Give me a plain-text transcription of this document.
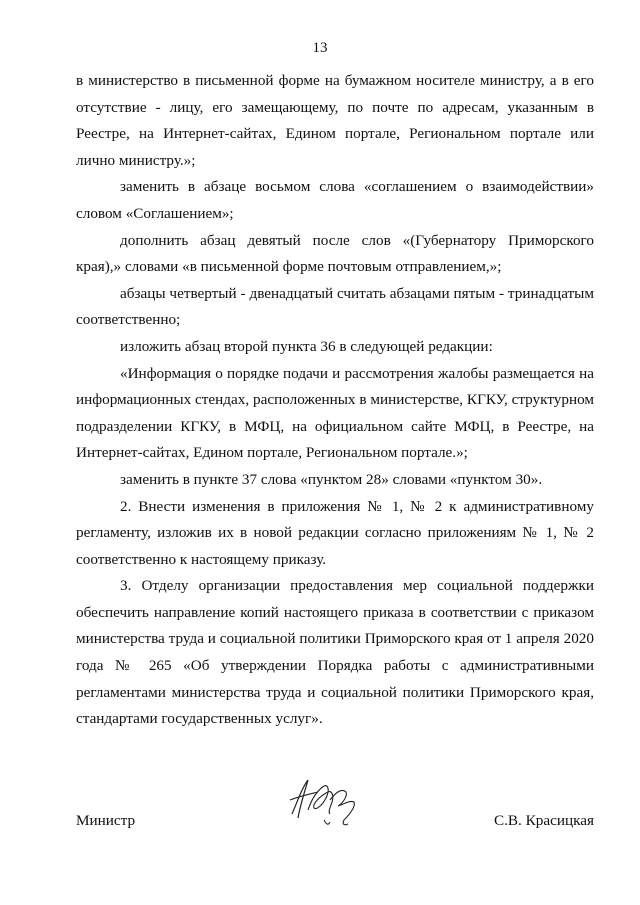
13

в министерство в письменной форме на бумажном носителе министру, а в его отсутствие - лицу, его замещающему, по почте по адресам, указанным в Реестре, на Интернет-сайтах, Едином портале, Региональном портале или лично министру.»;

заменить в абзаце восьмом слова «соглашением о взаимодействии» словом «Соглашением»;

дополнить абзац девятый после слов «(Губернатору Приморского края),» словами «в письменной форме почтовым отправлением,»;

абзацы четвертый - двенадцатый считать абзацами пятым - тринадцатым соответственно;

изложить абзац второй пункта 36 в следующей редакции:

«Информация о порядке подачи и рассмотрения жалобы размещается на информационных стендах, расположенных в министерстве, КГКУ, структурном подразделении КГКУ, в МФЦ, на официальном сайте МФЦ, в Реестре, на Интернет-сайтах, Едином портале, Региональном портале.»;

заменить в пункте 37 слова «пунктом 28» словами «пунктом 30».

2. Внести изменения в приложения № 1, № 2 к административному регламенту, изложив их в новой редакции согласно приложениям № 1, № 2 соответственно к настоящему приказу.

3. Отделу организации предоставления мер социальной поддержки обеспечить направление копий настоящего приказа в соответствии с приказом министерства труда и социальной политики Приморского края от 1 апреля 2020 года № 265 «Об утверждении Порядка работы с административными регламентами министерства труда и социальной политики Приморского края, стандартами государственных услуг».

Министр	С.В. Красицкая
